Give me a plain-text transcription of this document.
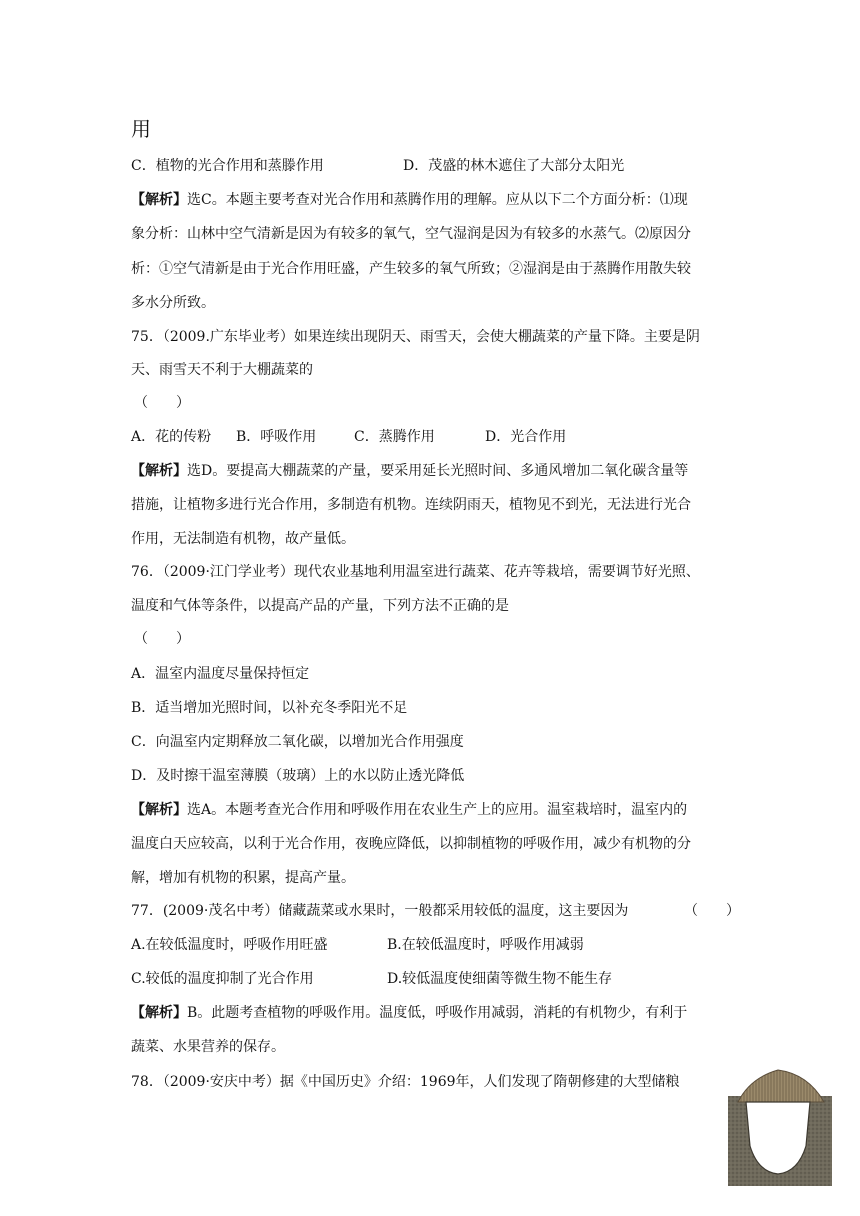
用
C．植物的光合作用和蒸滕作用	D．茂盛的林木遮住了大部分太阳光
【解析】选C。本题主要考查对光合作用和蒸腾作用的理解。应从以下二个方面分析：⑴现
象分析：山林中空气清新是因为有较多的氧气，空气湿润是因为有较多的水蒸气。⑵原因分
析：①空气清新是由于光合作用旺盛，产生较多的氧气所致；②湿润是由于蒸腾作用散失较
多水分所致。
75．（2009.广东毕业考）如果连续出现阴天、雨雪天，会使大棚蔬菜的产量下降。主要是阴
天、雨雪天不利于大棚蔬菜的
（　　）
A．花的传粉 B．呼吸作用	C．蒸腾作用	D．光合作用
【解析】选D。要提高大棚蔬菜的产量，要采用延长光照时间、多通风增加二氧化碳含量等
措施，让植物多进行光合作用，多制造有机物。连续阴雨天，植物见不到光，无法进行光合
作用，无法制造有机物，故产量低。
76．（2009·江门学业考）现代农业基地利用温室进行蔬菜、花卉等栽培，需要调节好光照、
温度和气体等条件，以提高产品的产量，下列方法不正确的是
（　　）
A．温室内温度尽量保持恒定
B．适当增加光照时间，以补充冬季阳光不足
C．向温室内定期释放二氧化碳，以增加光合作用强度
D．及时擦干温室薄膜（玻璃）上的水以防止透光降低
【解析】选A。本题考查光合作用和呼吸作用在农业生产上的应用。温室栽培时，温室内的
温度白天应较高，以利于光合作用，夜晚应降低，以抑制植物的呼吸作用，减少有机物的分
解，增加有机物的积累，提高产量。
77．(2009·茂名中考）储藏蔬菜或水果时，一般都采用较低的温度，这主要因为	（　　）
A.在较低温度时，呼吸作用旺盛	B.在较低温度时，呼吸作用减弱
C.较低的温度抑制了光合作用	D.较低温度使细菌等微生物不能生存
【解析】B。此题考查植物的呼吸作用。温度低，呼吸作用减弱，消耗的有机物少，有利于
蔬菜、水果营养的保存。
78．（2009·安庆中考）据《中国历史》介绍：1969年，人们发现了隋朝修建的大型储粮
